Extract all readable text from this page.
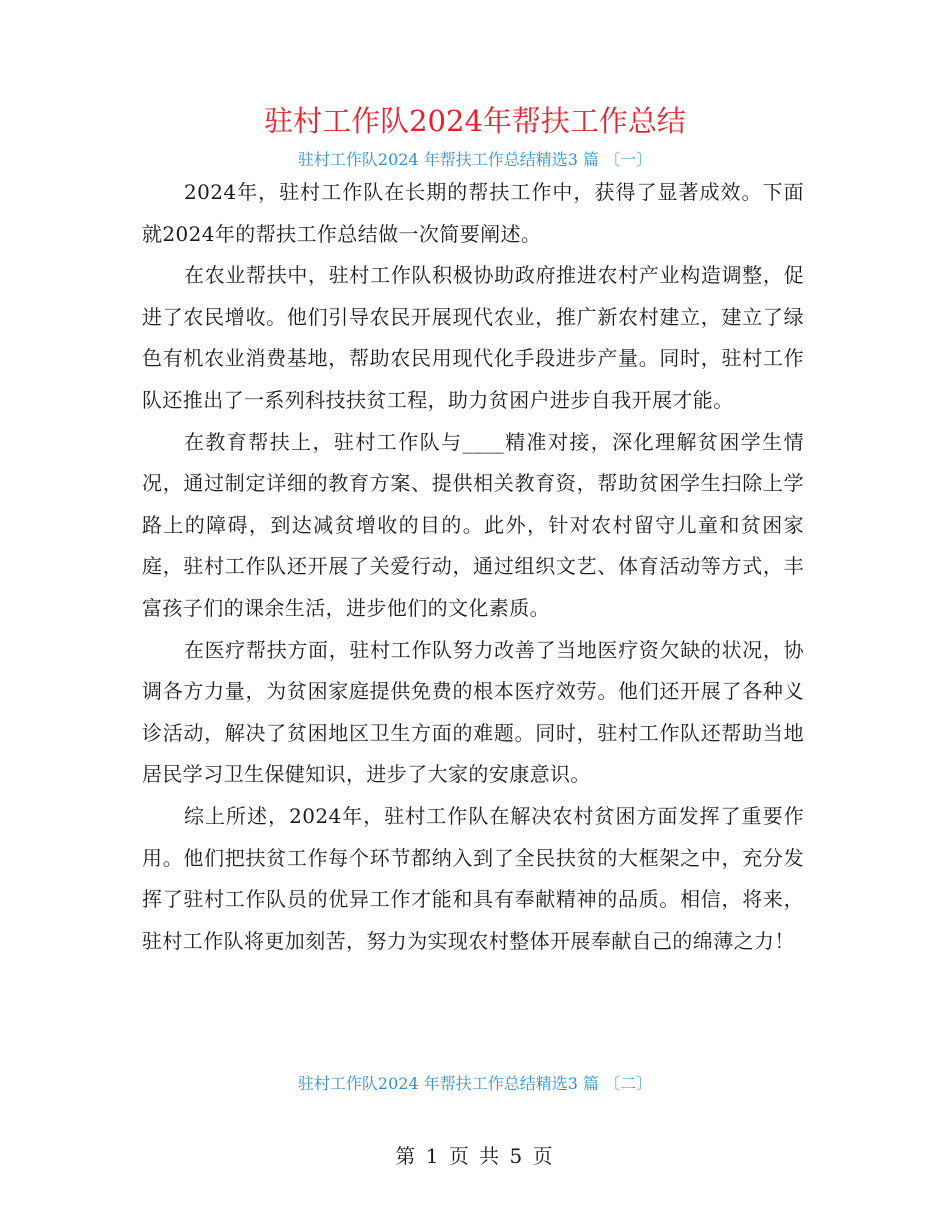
驻村工作队2024年帮扶工作总结
驻村工作队2024 年帮扶工作总结精选3 篇 〔一〕

2024年，驻村工作队在长期的帮扶工作中，获得了显著成效。下面就2024年的帮扶工作总结做一次简要阐述。

在农业帮扶中，驻村工作队积极协助政府推进农村产业构造调整，促进了农民增收。他们引导农民开展现代农业，推广新农村建立，建立了绿色有机农业消费基地，帮助农民用现代化手段进步产量。同时，驻村工作队还推出了一系列科技扶贫工程，助力贫困户进步自我开展才能。

在教育帮扶上，驻村工作队与____精准对接，深化理解贫困学生情况，通过制定详细的教育方案、提供相关教育资，帮助贫困学生扫除上学路上的障碍，到达减贫增收的目的。此外，针对农村留守儿童和贫困家庭，驻村工作队还开展了关爱行动，通过组织文艺、体育活动等方式，丰富孩子们的课余生活，进步他们的文化素质。

在医疗帮扶方面，驻村工作队努力改善了当地医疗资欠缺的状况，协调各方力量，为贫困家庭提供免费的根本医疗效劳。他们还开展了各种义诊活动，解决了贫困地区卫生方面的难题。同时，驻村工作队还帮助当地居民学习卫生保健知识，进步了大家的安康意识。

综上所述，2024年，驻村工作队在解决农村贫困方面发挥了重要作用。他们把扶贫工作每个环节都纳入到了全民扶贫的大框架之中，充分发挥了驻村工作队员的优异工作才能和具有奉献精神的品质。相信，将来，驻村工作队将更加刻苦，努力为实现农村整体开展奉献自己的绵薄之力！

驻村工作队2024 年帮扶工作总结精选3 篇 〔二〕
第 1 页 共 5 页
